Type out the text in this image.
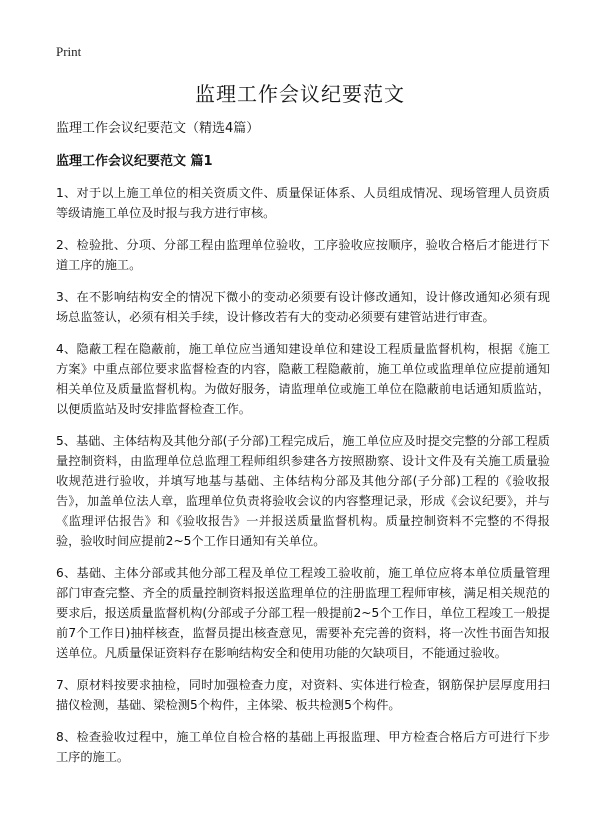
Print
监理工作会议纪要范文

监理工作会议纪要范文（精选4篇）

监理工作会议纪要范文 篇1

1、对于以上施工单位的相关资质文件、质量保证体系、人员组成情况、现场管理人员资质等级请施工单位及时报与我方进行审核。

2、检验批、分项、分部工程由监理单位验收，工序验收应按顺序，验收合格后才能进行下道工序的施工。

3、在不影响结构安全的情况下微小的变动必须要有设计修改通知，设计修改通知必须有现场总监签认，必须有相关手续，设计修改若有大的变动必须要有建管站进行审查。

4、隐蔽工程在隐蔽前，施工单位应当通知建设单位和建设工程质量监督机构，根据《施工方案》中重点部位要求监督检查的内容，隐蔽工程隐蔽前，施工单位或监理单位应提前通知相关单位及质量监督机构。为做好服务，请监理单位或施工单位在隐蔽前电话通知质监站，以便质监站及时安排监督检查工作。

5、基础、主体结构及其他分部(子分部)工程完成后，施工单位应及时提交完整的分部工程质量控制资料，由监理单位总监理工程师组织参建各方按照勘察、设计文件及有关施工质量验收规范进行验收，并填写地基与基础、主体结构分部及其他分部(子分部)工程的《验收报告》，加盖单位法人章，监理单位负责将验收会议的内容整理记录，形成《会议纪要》，并与《监理评估报告》和《验收报告》一并报送质量监督机构。质量控制资料不完整的不得报验，验收时间应提前2~5个工作日通知有关单位。

6、基础、主体分部或其他分部工程及单位工程竣工验收前，施工单位应将本单位质量管理部门审查完整、齐全的质量控制资料报送监理单位的注册监理工程师审核，满足相关规范的要求后，报送质量监督机构(分部或子分部工程一般提前2~5个工作日，单位工程竣工一般提前7个工作日)抽样核查，监督员提出核查意见，需要补充完善的资料，将一次性书面告知报送单位。凡质量保证资料存在影响结构安全和使用功能的欠缺项目，不能通过验收。

7、原材料按要求抽检，同时加强检查力度，对资料、实体进行检查，钢筋保护层厚度用扫描仪检测，基础、梁检测5个构件，主体梁、板共检测5个构件。

8、检查验收过程中，施工单位自检合格的基础上再报监理、甲方检查合格后方可进行下步工序的施工。
